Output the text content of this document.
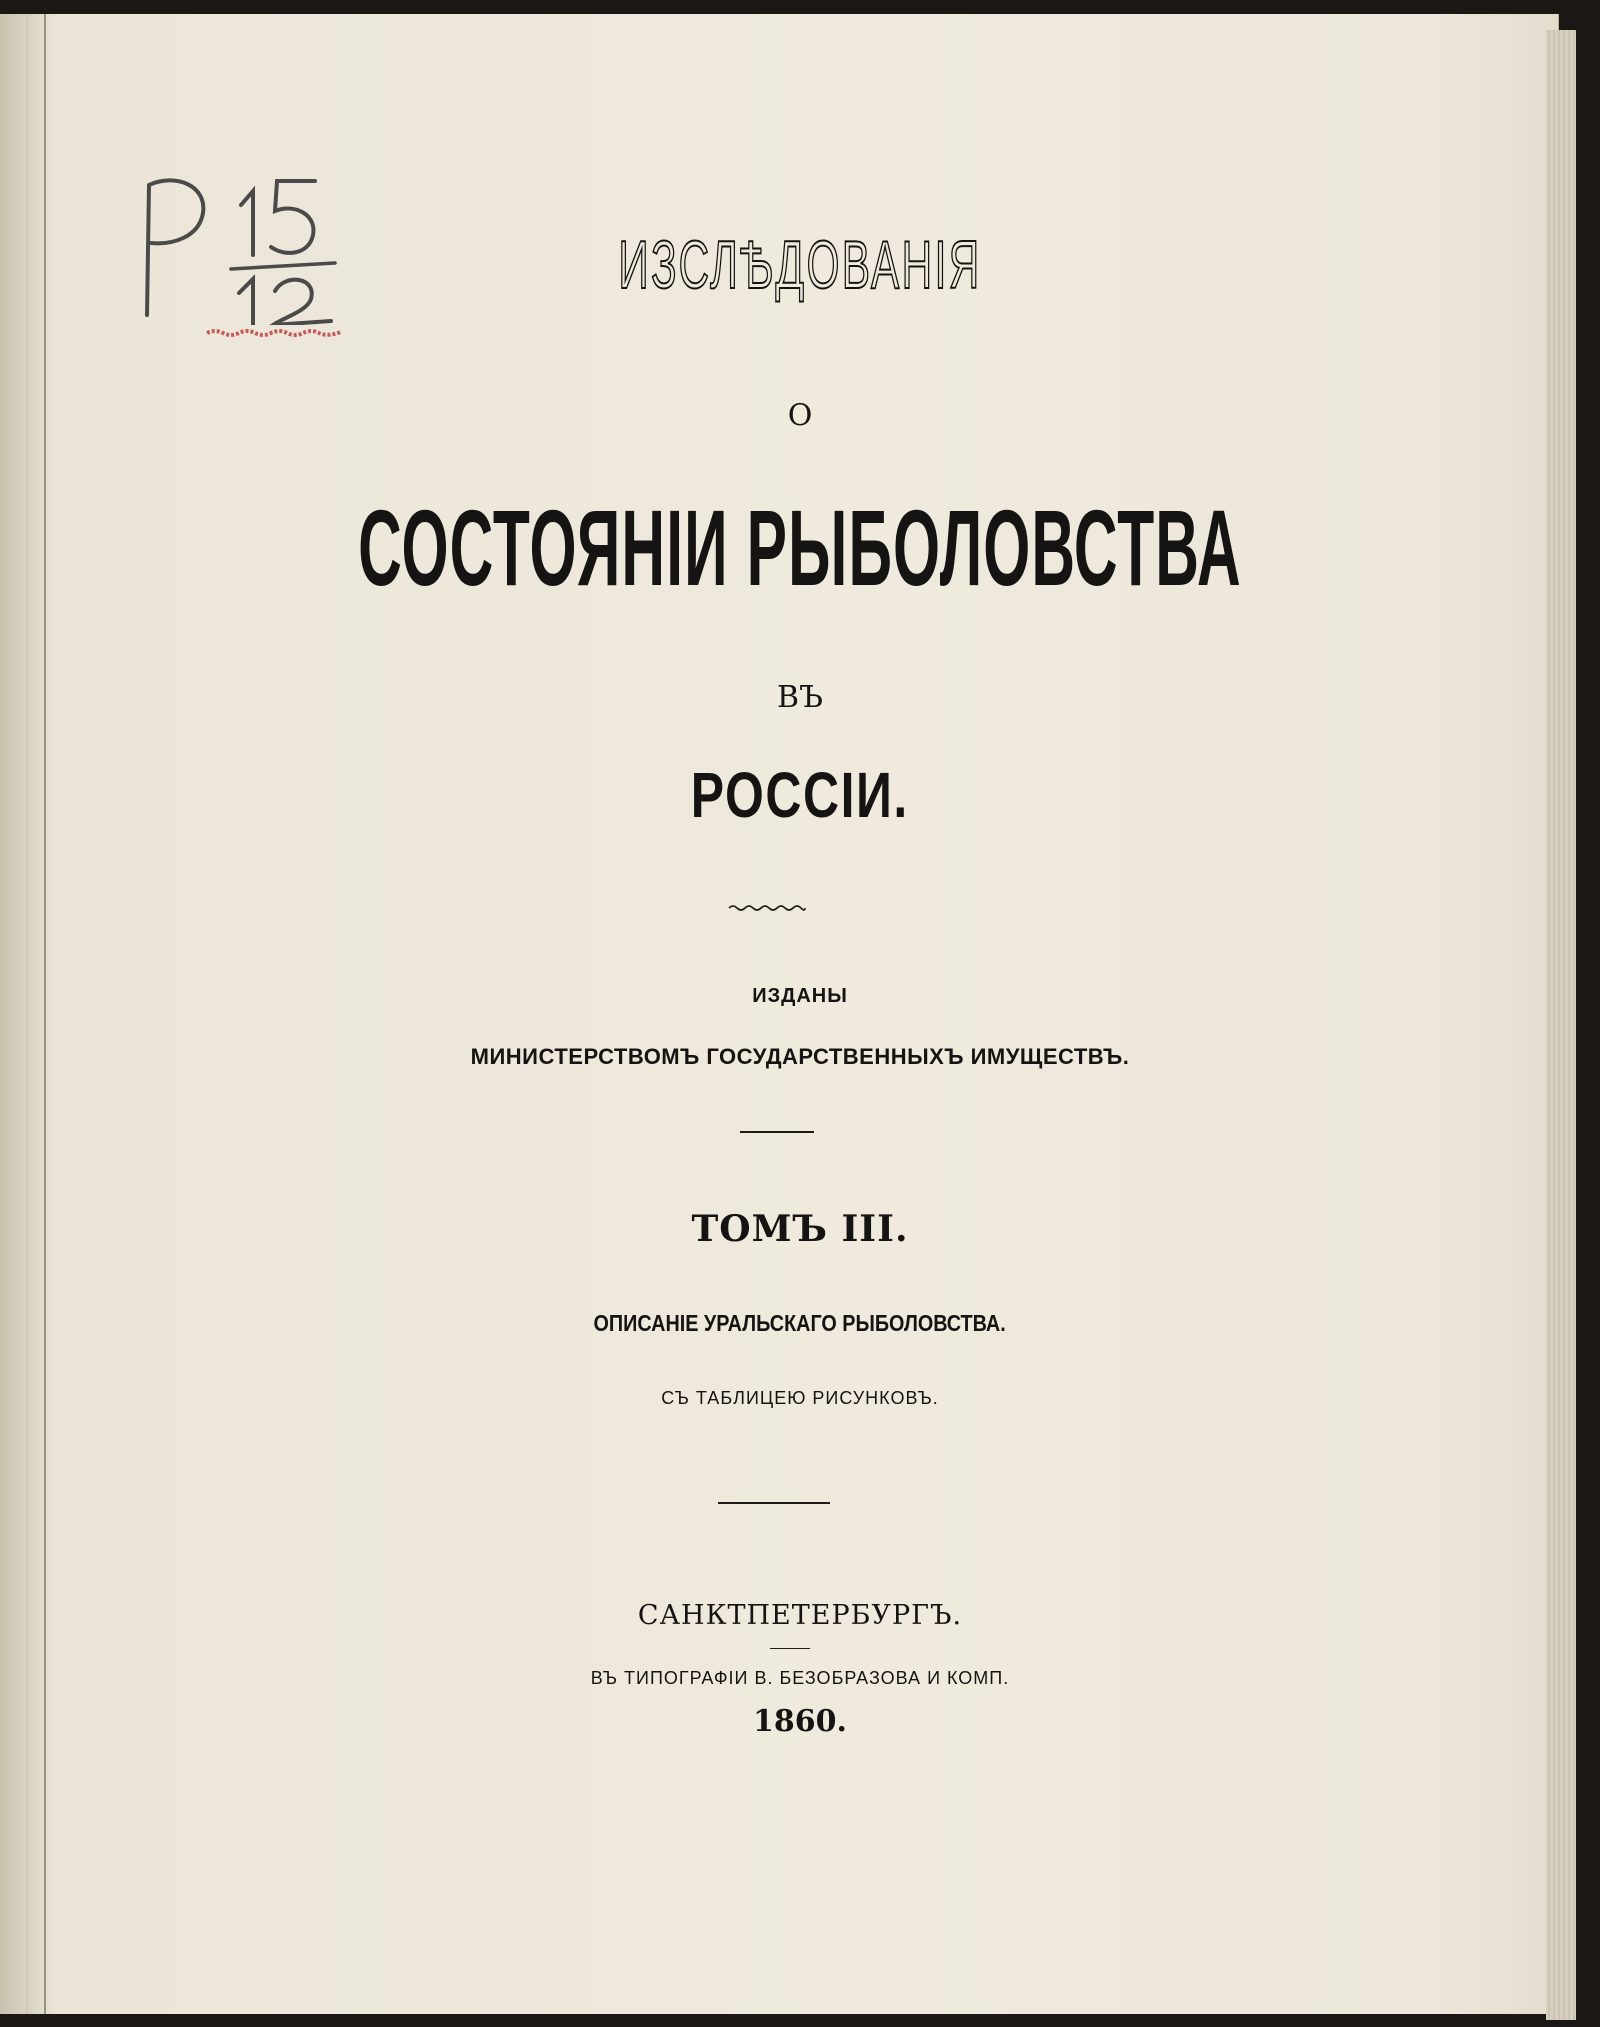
ИЗСЛѢДОВАНІЯ
О
СОСТОЯНІИ РЫБОЛОВСТВА
ВЪ
РОССІИ.
ИЗДАНЫ
МИНИСТЕРСТВОМЪ ГОСУДАРСТВЕННЫХЪ ИМУЩЕСТВЪ.
ТОМЪ III.
ОПИСАНІЕ УРАЛЬСКАГО РЫБОЛОВСТВА.
СЪ ТАБЛИЦЕЮ РИСУНКОВЪ.
САНКТПЕТЕРБУРГЪ.
ВЪ ТИПОГРАФІИ В. БЕЗОБРАЗОВА И КОМП.
1860.
